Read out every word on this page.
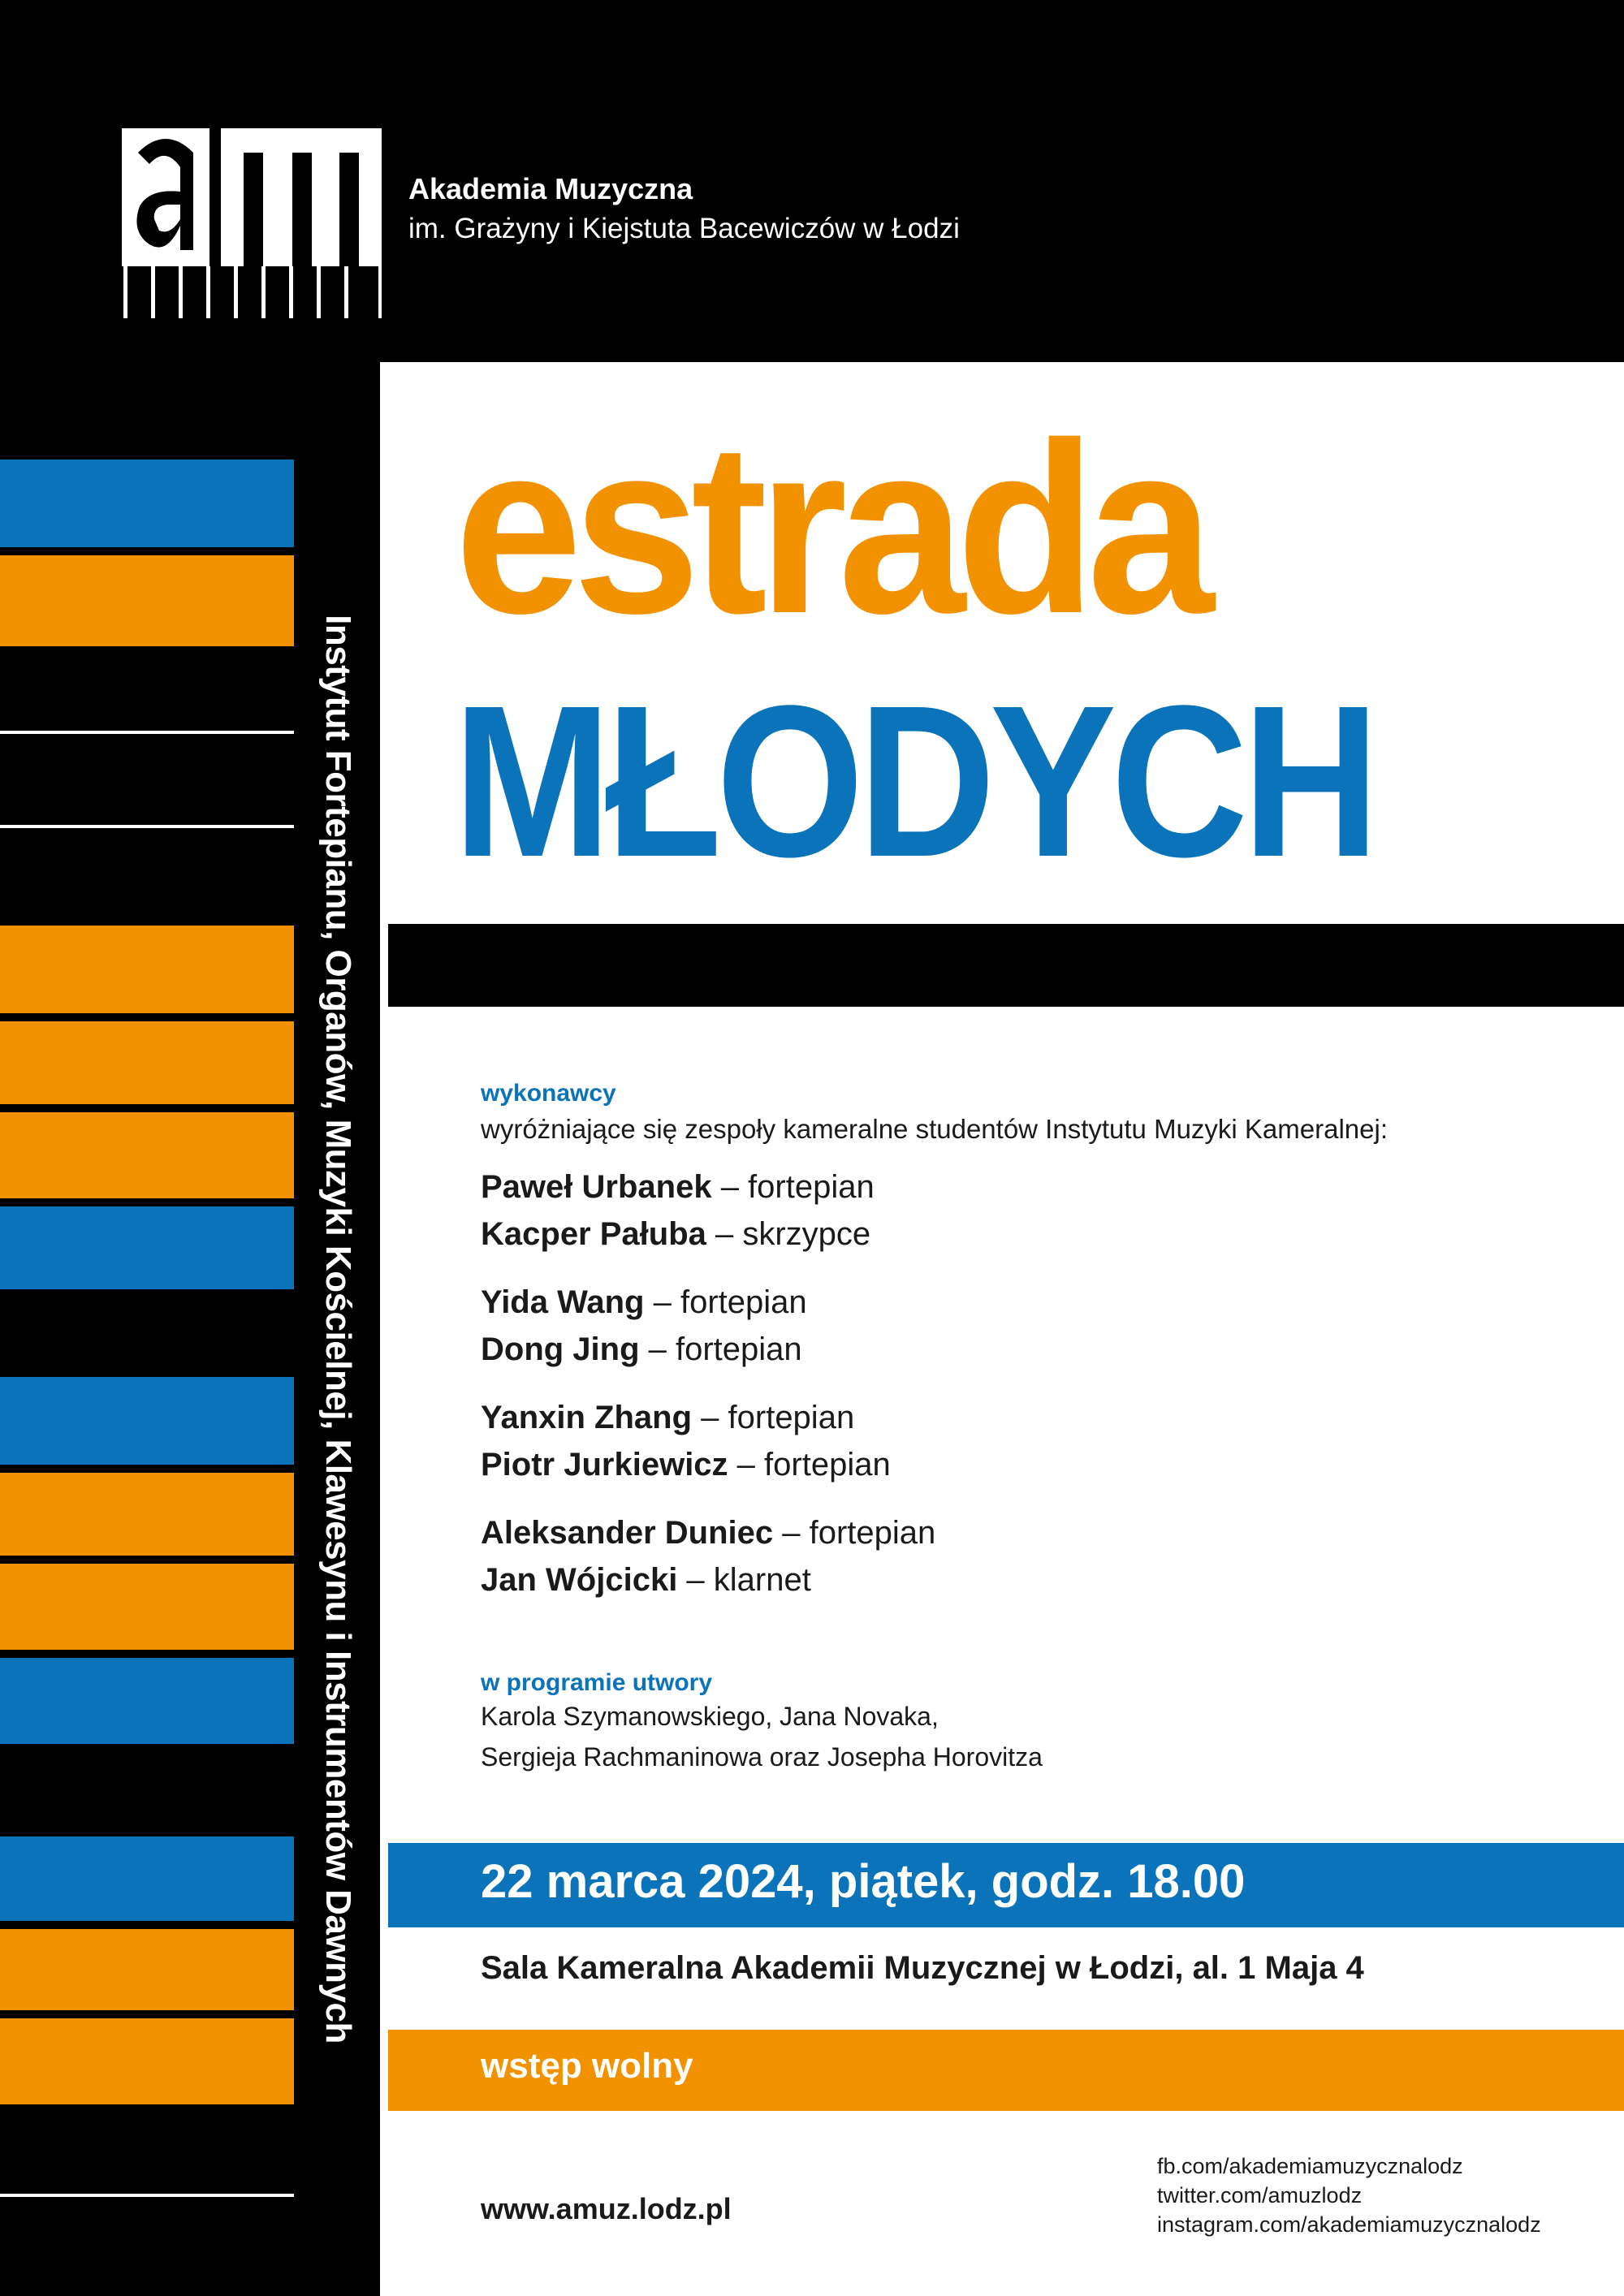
Akademia Muzyczna
im. Grażyny i Kiejstuta Bacewiczów w Łodzi
Instytut Fortepianu, Organów, Muzyki Kościelnej, Klawesynu i Instrumentów Dawnych
estrada
MŁODYCH
wykonawcy
wyróżniające się zespoły kameralne studentów Instytutu Muzyki Kameralnej:
Paweł Urbanek – fortepian
Kacper Pałuba – skrzypce
Yida Wang – fortepian
Dong Jing – fortepian
Yanxin Zhang – fortepian
Piotr Jurkiewicz – fortepian
Aleksander Duniec – fortepian
Jan Wójcicki – klarnet
w programie utwory
Karola Szymanowskiego, Jana Novaka,
Sergieja Rachmaninowa oraz Josepha Horovitza
22 marca 2024, piątek, godz. 18.00
Sala Kameralna Akademii Muzycznej w Łodzi, al. 1 Maja 4
wstęp wolny
www.amuz.lodz.pl
fb.com/akademiamuzycznalodz
twitter.com/amuzlodz
instagram.com/akademiamuzycznalodz
